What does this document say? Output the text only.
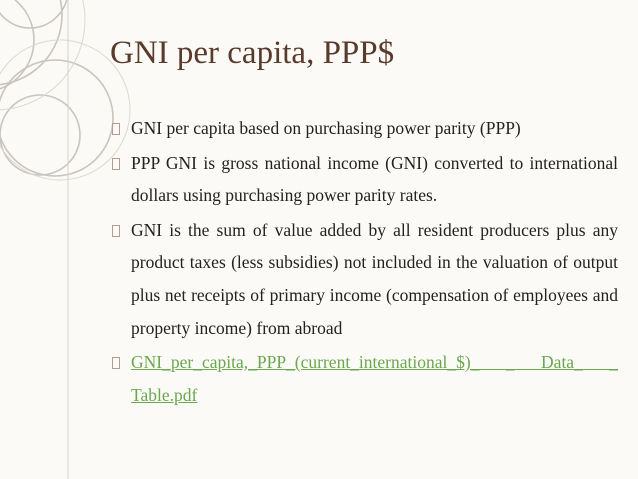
GNI per capita, PPP$
GNI per capita based on purchasing power parity (PPP)
PPP GNI is gross national income (GNI) converted to international dollars using purchasing power parity rates.
GNI is the sum of value added by all resident producers plus any product taxes (less subsidies) not included in the valuation of output plus net receipts of primary income (compensation of employees and property income) from abroad
GNI_per_capita,_PPP_(current_international_$)_ _ Data_ _ Table.pdf
